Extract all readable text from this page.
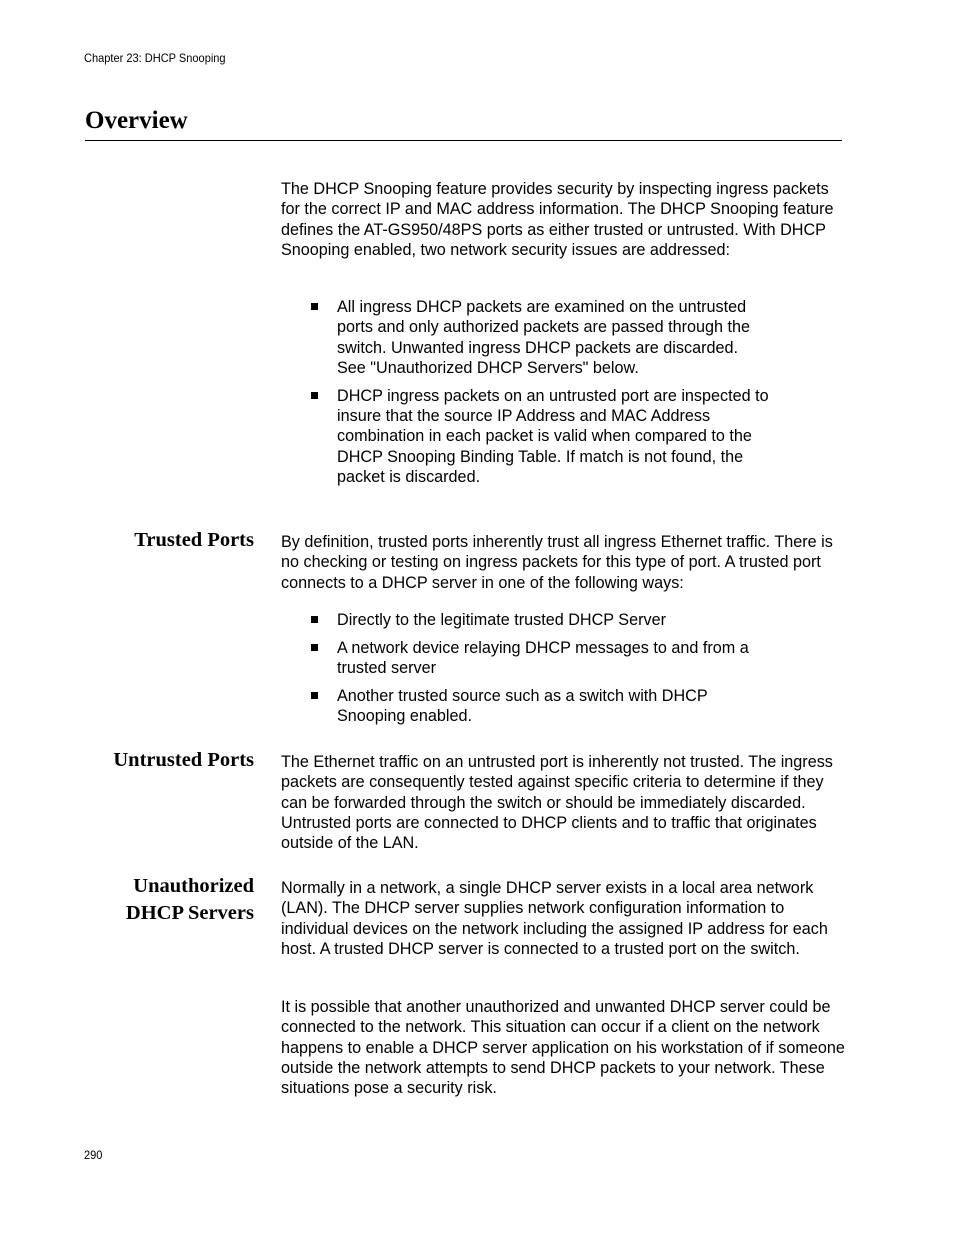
Chapter 23: DHCP Snooping
Overview

The DHCP Snooping feature provides security by inspecting ingress packets for the correct IP and MAC address information. The DHCP Snooping feature defines the AT-GS950/48PS ports as either trusted or untrusted. With DHCP Snooping enabled, two network security issues are addressed:

All ingress DHCP packets are examined on the untrusted ports and only authorized packets are passed through the switch. Unwanted ingress DHCP packets are discarded. See "Unauthorized DHCP Servers" below.
DHCP ingress packets on an untrusted port are inspected to insure that the source IP Address and MAC Address combination in each packet is valid when compared to the DHCP Snooping Binding Table. If match is not found, the packet is discarded.
Trusted Ports By definition, trusted ports inherently trust all ingress Ethernet traffic. There is no checking or testing on ingress packets for this type of port. A trusted port connects to a DHCP server in one of the following ways:

Directly to the legitimate trusted DHCP Server
A network device relaying DHCP messages to and from a trusted server
Another trusted source such as a switch with DHCP Snooping enabled.
Untrusted Ports The Ethernet traffic on an untrusted port is inherently not trusted. The ingress packets are consequently tested against specific criteria to determine if they can be forwarded through the switch or should be immediately discarded. Untrusted ports are connected to DHCP clients and to traffic that originates outside of the LAN.

Unauthorized
DHCP Servers

Normally in a network, a single DHCP server exists in a local area network (LAN). The DHCP server supplies network configuration information to individual devices on the network including the assigned IP address for each host. A trusted DHCP server is connected to a trusted port on the switch.

It is possible that another unauthorized and unwanted DHCP server could be connected to the network. This situation can occur if a client on the network happens to enable a DHCP server application on his workstation of if someone outside the network attempts to send DHCP packets to your network. These situations pose a security risk.

290
